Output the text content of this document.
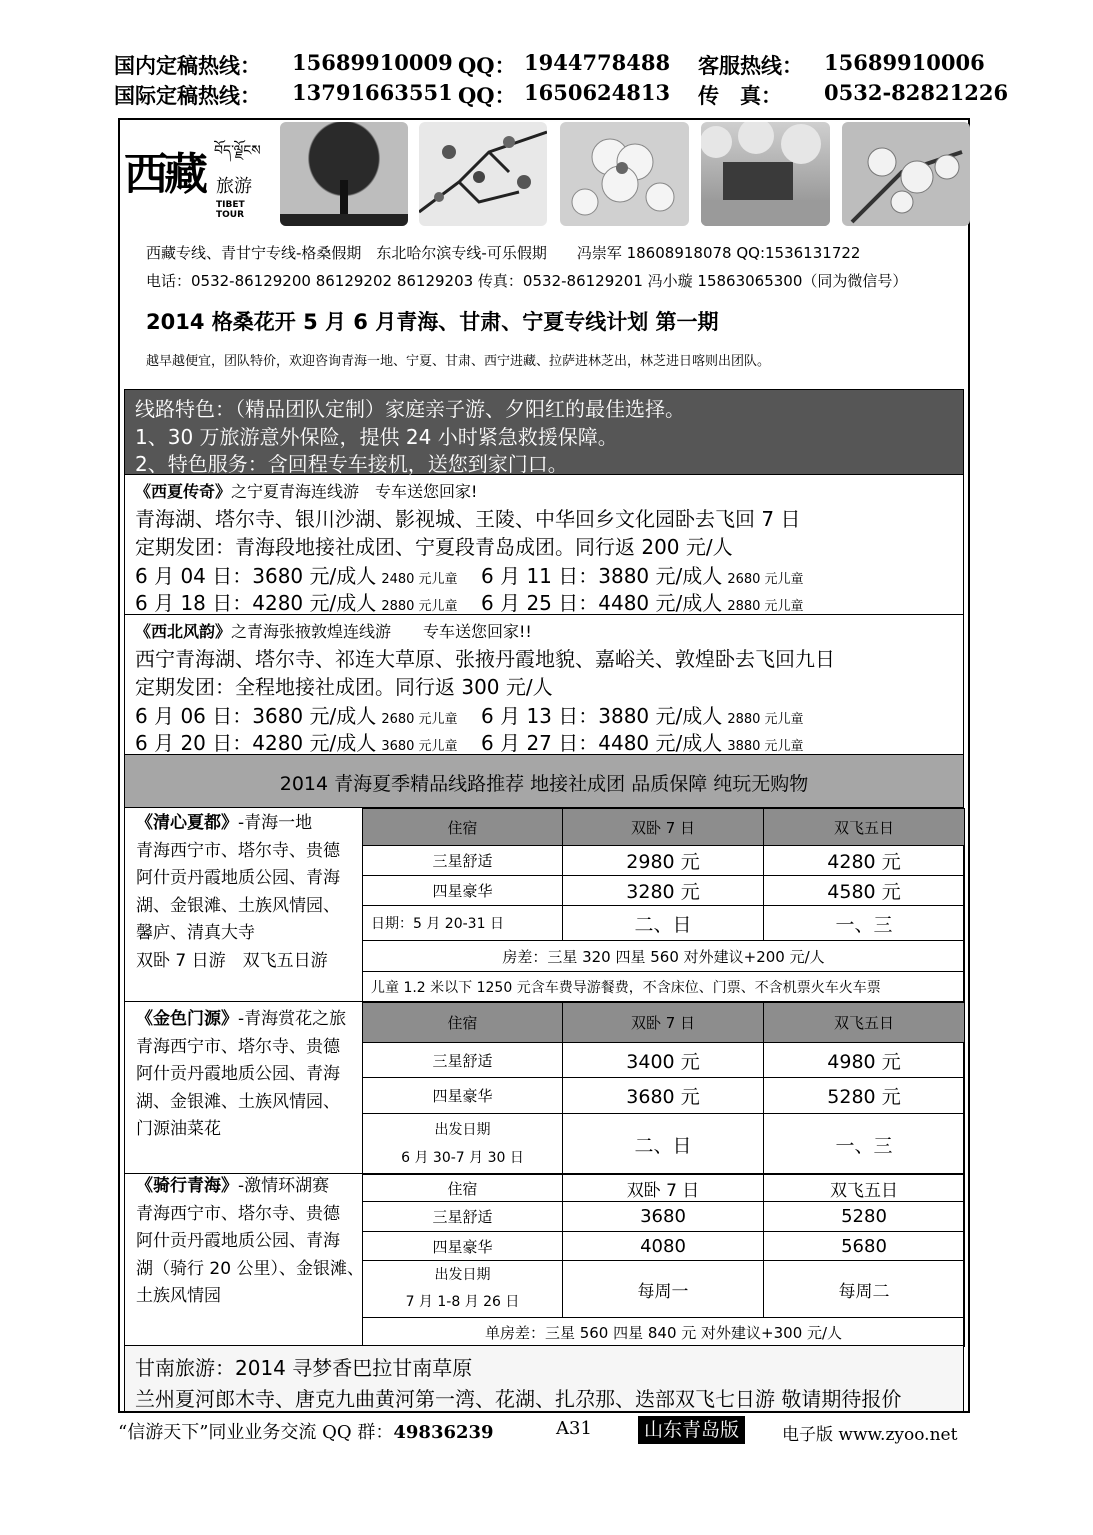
国内定稿热线： 15689910009 QQ： 1944778488 客服热线： 15689910006
国际定稿热线： 13791663551 QQ： 1650624813 传　真： 0532-82821226
西藏 བོད་ལྗོངས
旅游
TIBET TOUR
西藏专线、青甘宁专线-格桑假期　东北哈尔滨专线-可乐假期　　冯崇军 18608918078 QQ:1536131722
电话：0532-86129200 86129202 86129203 传真：0532-86129201 冯小璇 15863065300（同为微信号）
2014 格桑花开 5 月 6 月青海、甘肃、宁夏专线计划 第一期
越早越便宜，团队特价，欢迎咨询青海一地、宁夏、甘肃、西宁进藏、拉萨进林芝出，林芝进日喀则出团队。
线路特色：（精品团队定制）家庭亲子游、夕阳红的最佳选择。
1、30 万旅游意外保险，提供 24 小时紧急救援保障。
2、特色服务：含回程专车接机，送您到家门口。
《西夏传奇》之宁夏青海连线游　专车送您回家!
青海湖、塔尔寺、银川沙湖、影视城、王陵、中华回乡文化园卧去飞回 7 日
定期发团：青海段地接社成团、宁夏段青岛成团。同行返 200 元/人
6 月 04 日：3680 元/成人 2480 元儿童 6 月 11 日：3880 元/成人 2680 元儿童
6 月 18 日：4280 元/成人 2880 元儿童 6 月 25 日：4480 元/成人 2880 元儿童
《西北风韵》之青海张掖敦煌连线游　　专车送您回家!!
西宁青海湖、塔尔寺、祁连大草原、张掖丹霞地貌、嘉峪关、敦煌卧去飞回九日
定期发团：全程地接社成团。同行返 300 元/人
6 月 06 日：3680 元/成人 2680 元儿童 6 月 13 日：3880 元/成人 2880 元儿童
6 月 20 日：4280 元/成人 3680 元儿童 6 月 27 日：4480 元/成人 3880 元儿童
2014 青海夏季精品线路推荐 地接社成团 品质保障 纯玩无购物
《清心夏都》-青海一地
青海西宁市、塔尔寺、贵德
阿什贡丹霞地质公园、青海
湖、金银滩、土族风情园、
馨庐、清真大寺
双卧 7 日游　双飞五日游
住宿	双卧 7 日	双飞五日
三星舒适	2980 元	4280 元
四星豪华	3280 元	4580 元
日期：5 月 20-31 日	二、日	一、三
房差：三星 320 四星 560 对外建议+200 元/人		
儿童 1.2 米以下 1250 元含车费导游餐费，不含床位、门票、不含机票火车火车票		
《金色门源》-青海赏花之旅
青海西宁市、塔尔寺、贵德
阿什贡丹霞地质公园、青海
湖、金银滩、土族风情园、
门源油菜花
住宿	双卧 7 日	双飞五日
三星舒适	3400 元	4980 元
四星豪华	3680 元	5280 元

出发日期
6 月 30-7 月 30 日	二、日	一、三
《骑行青海》-激情环湖赛
青海西宁市、塔尔寺、贵德
阿什贡丹霞地质公园、青海
湖（骑行 20 公里）、金银滩、
土族风情园
住宿	双卧 7 日	双飞五日
三星舒适	3680	5280
四星豪华	4080	5680

出发日期
7 月 1-8 月 26 日	每周一	每周二
单房差：三星 560 四星 840 元 对外建议+300 元/人		
甘南旅游：2014 寻梦香巴拉甘南草原
兰州夏河郎木寺、唐克九曲黄河第一湾、花湖、扎尕那、迭部双飞七日游 敬请期待报价
“信游天下”同业业务交流 QQ 群：49836239	A31	山东青岛版	电子版 www.zyoo.net
